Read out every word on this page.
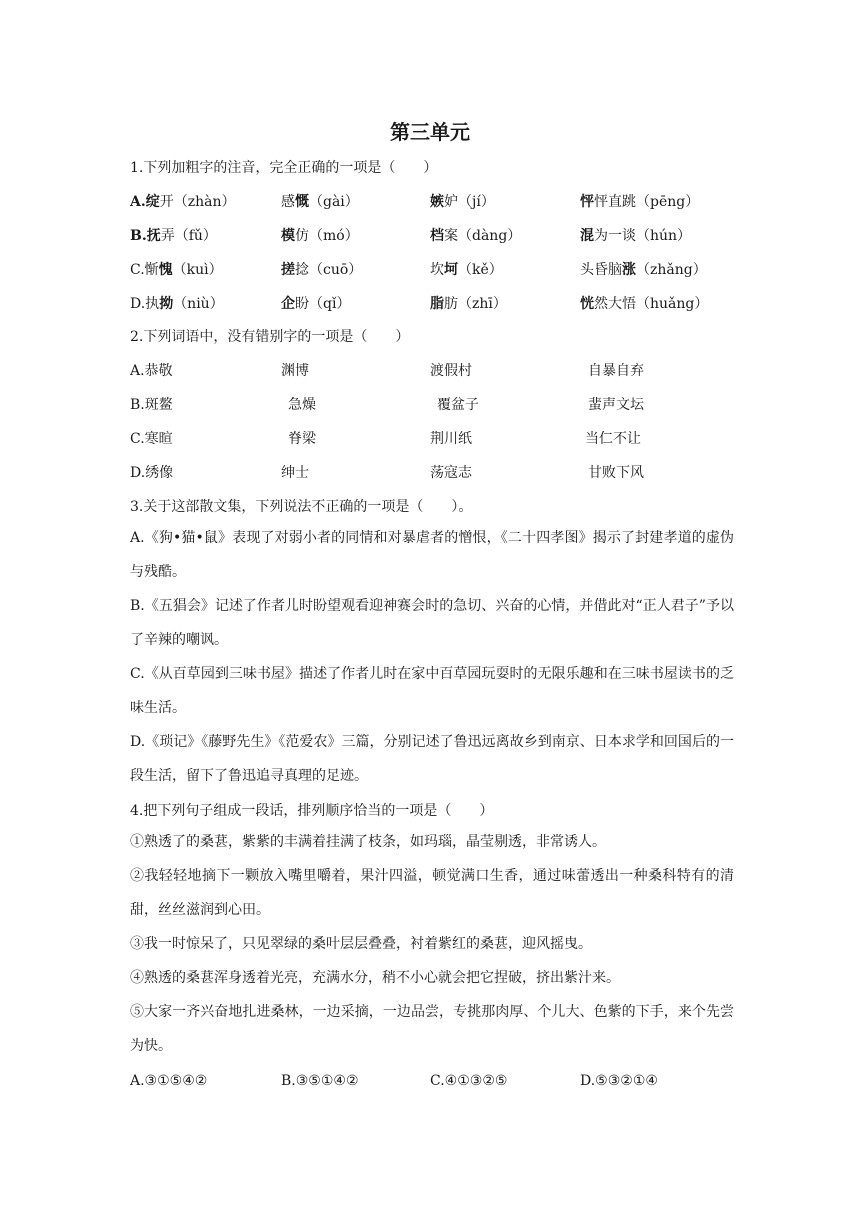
第三单元
1.下列加粗字的注音，完全正确的一项是（　　）
A.绽开（zhàn）	感慨（gài）	嫉妒（jí）	怦怦直跳（pēng）
B.抚弄（fǔ）	模仿（mó）	档案（dàng）	混为一谈（hún）
C.惭愧（kuì）	搓捻（cuō）	坎坷（kě）	头昏脑涨（zhǎng）
D.执拗（niù）	企盼（qǐ）	脂肪（zhī）	恍然大悟（huǎng）
2.下列词语中，没有错别字的一项是（　　）
A.恭敬	渊博	渡假村	自暴自弃
B.斑鳌	急燥	覆盆子	蜚声文坛
C.寒暄	脊梁	荆川纸	当仁不让
D.绣像	绅士	荡寇志	甘败下风
3.关于这部散文集，下列说法不正确的一项是（　　）。
A.《狗•猫•鼠》表现了对弱小者的同情和对暴虐者的憎恨，《二十四孝图》揭示了封建孝道的虚伪与残酷。
B.《五猖会》记述了作者儿时盼望观看迎神赛会时的急切、兴奋的心情，并借此对“正人君子”予以了辛辣的嘲讽。
C.《从百草园到三味书屋》描述了作者儿时在家中百草园玩耍时的无限乐趣和在三味书屋读书的乏味生活。
D.《琐记》《藤野先生》《范爱农》三篇，分别记述了鲁迅远离故乡到南京、日本求学和回国后的一段生活，留下了鲁迅追寻真理的足迹。
4.把下列句子组成一段话，排列顺序恰当的一项是（　　）
①熟透了的桑葚，紫紫的丰满着挂满了枝条，如玛瑙，晶莹剔透，非常诱人。
②我轻轻地摘下一颗放入嘴里嚼着，果汁四溢，顿觉满口生香，通过味蕾透出一种桑科特有的清甜，丝丝滋润到心田。
③我一时惊呆了，只见翠绿的桑叶层层叠叠，衬着紫红的桑葚，迎风摇曳。
④熟透的桑葚浑身透着光亮，充满水分，稍不小心就会把它捏破，挤出紫汁来。
⑤大家一齐兴奋地扎进桑林，一边采摘，一边品尝，专挑那肉厚、个儿大、色紫的下手，来个先尝为快。
A.③①⑤④②	B.③⑤①④②	C.④①③②⑤	D.⑤③②①④
